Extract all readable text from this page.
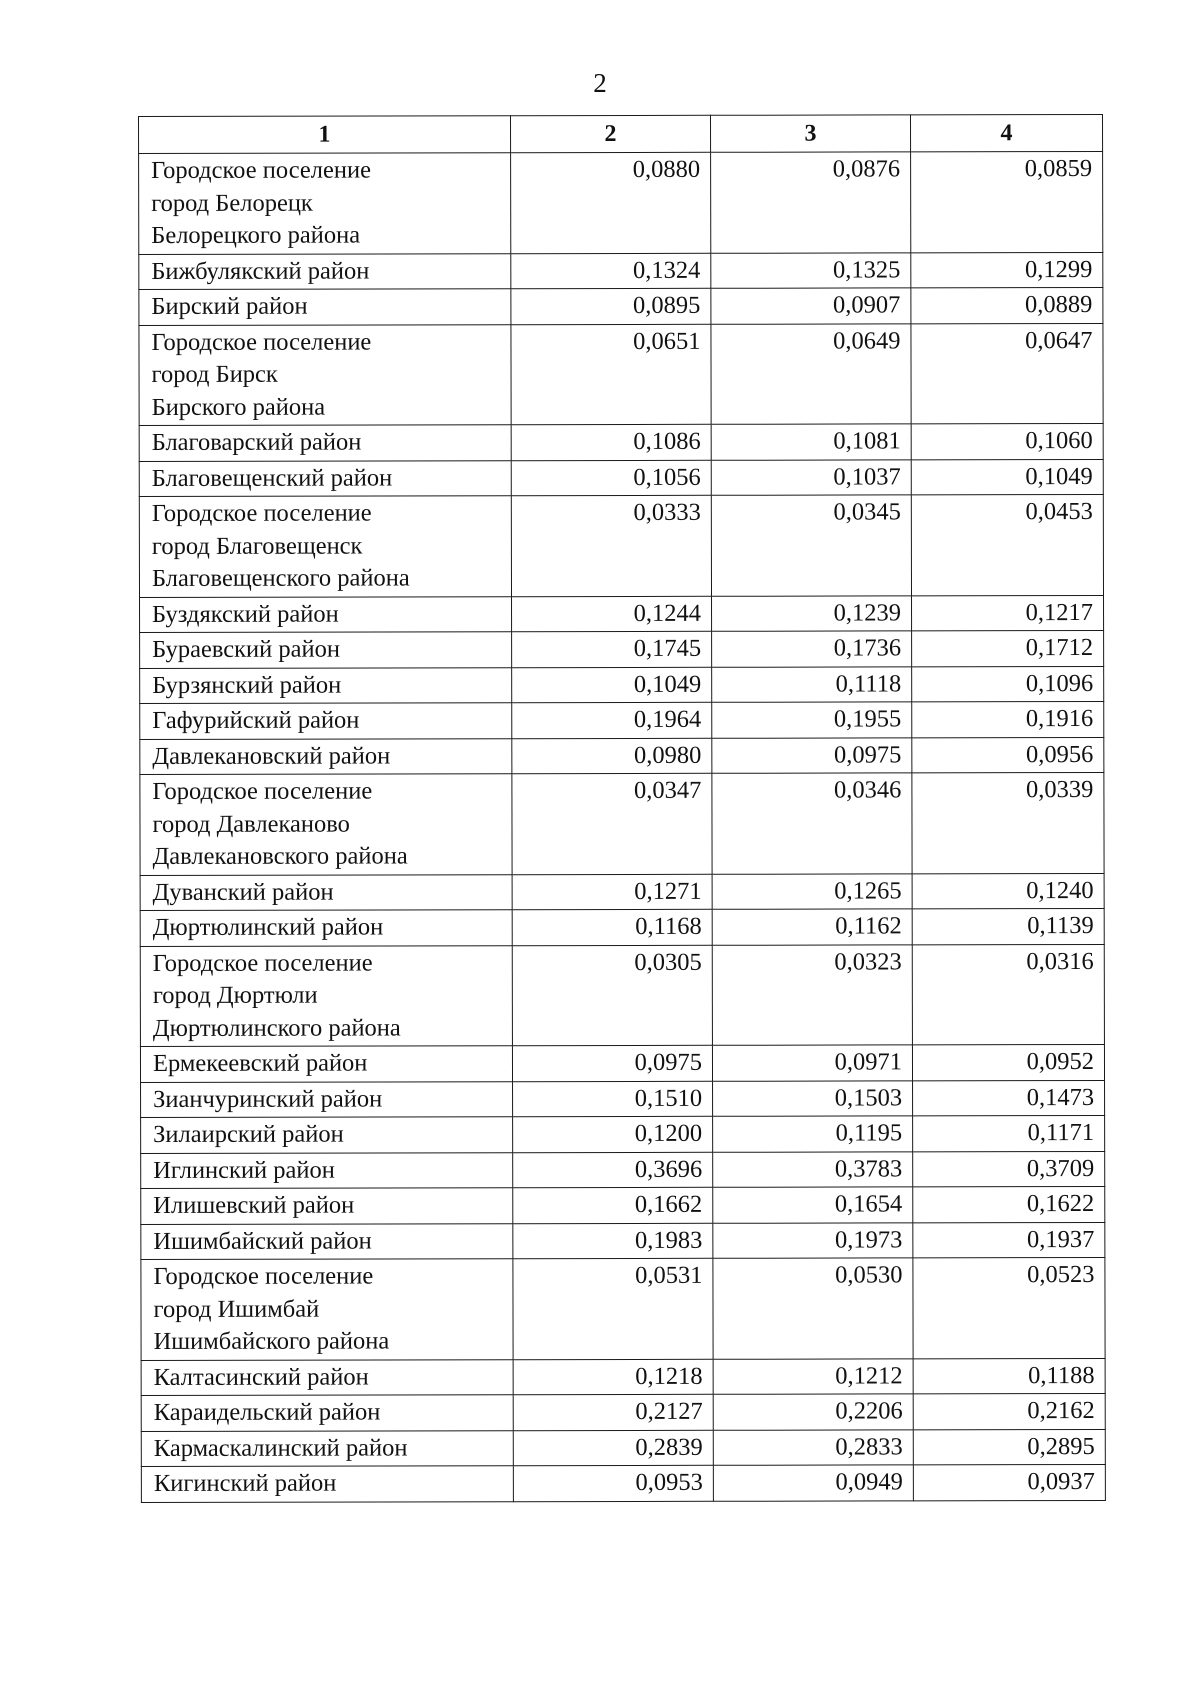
2
1	2	3	4
Городское поселение
город Белорецк
Белорецкого района	0,0880	0,0876	0,0859
Бижбулякский район	0,1324	0,1325	0,1299
Бирский район	0,0895	0,0907	0,0889
Городское поселение
город Бирск
Бирского района	0,0651	0,0649	0,0647
Благоварский район	0,1086	0,1081	0,1060
Благовещенский район	0,1056	0,1037	0,1049
Городское поселение
город Благовещенск
Благовещенского района	0,0333	0,0345	0,0453
Буздякский район	0,1244	0,1239	0,1217
Бураевский район	0,1745	0,1736	0,1712
Бурзянский район	0,1049	0,1118	0,1096
Гафурийский район	0,1964	0,1955	0,1916
Давлекановский район	0,0980	0,0975	0,0956
Городское поселение
город Давлеканово
Давлекановского района	0,0347	0,0346	0,0339
Дуванский район	0,1271	0,1265	0,1240
Дюртюлинский район	0,1168	0,1162	0,1139
Городское поселение
город Дюртюли
Дюртюлинского района	0,0305	0,0323	0,0316
Ермекеевский район	0,0975	0,0971	0,0952
Зианчуринский район	0,1510	0,1503	0,1473
Зилаирский район	0,1200	0,1195	0,1171
Иглинский район	0,3696	0,3783	0,3709
Илишевский район	0,1662	0,1654	0,1622
Ишимбайский район	0,1983	0,1973	0,1937
Городское поселение
город Ишимбай
Ишимбайского района	0,0531	0,0530	0,0523
Калтасинский район	0,1218	0,1212	0,1188
Караидельский район	0,2127	0,2206	0,2162
Кармаскалинский район	0,2839	0,2833	0,2895
Кигинский район	0,0953	0,0949	0,0937
